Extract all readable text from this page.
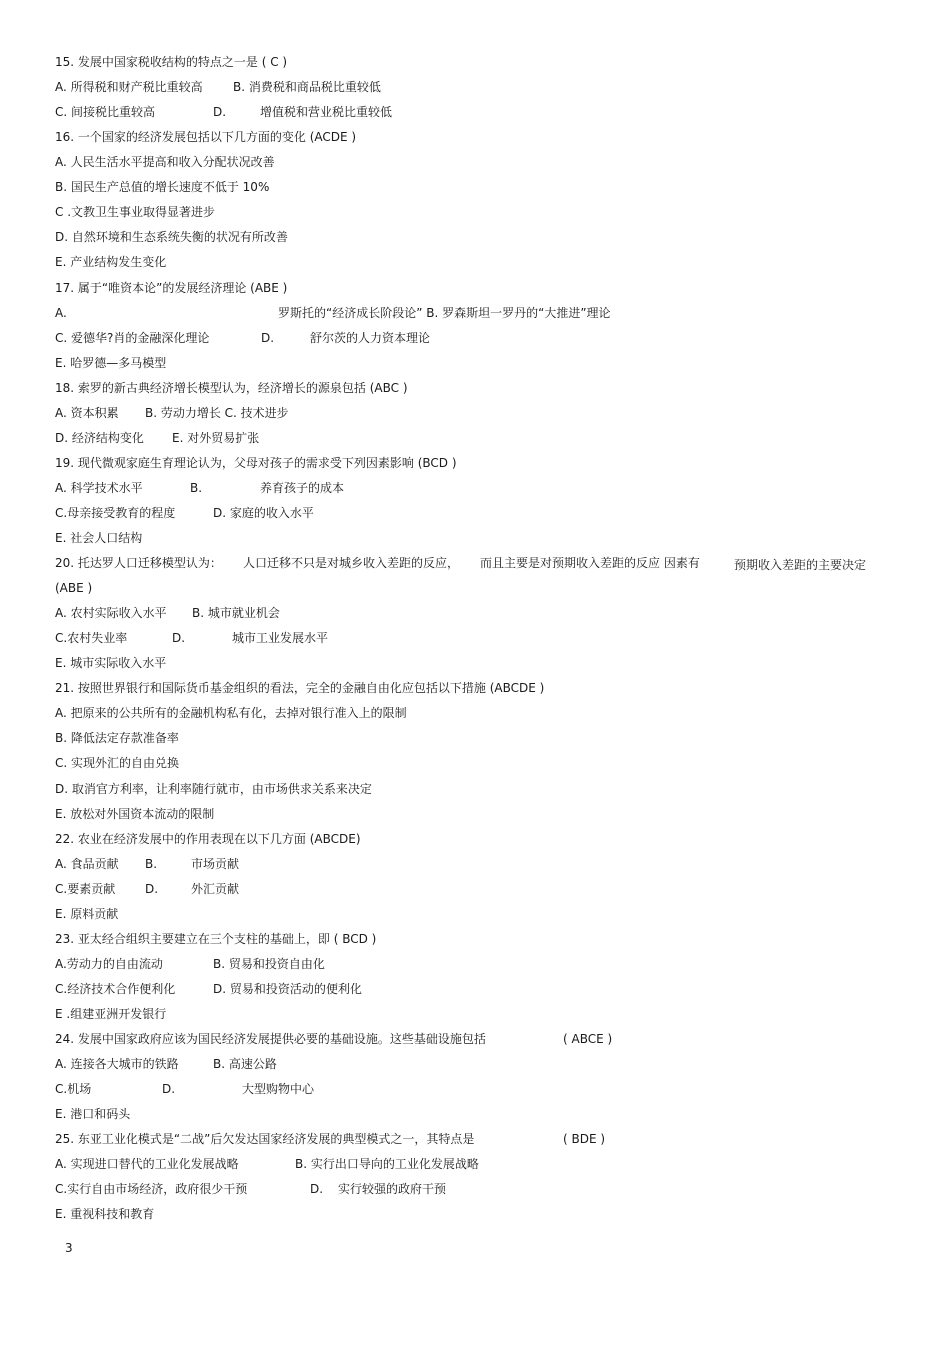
15. 发展中国家税收结构的特点之一是 ( C )
A. 所得税和财产税比重较高	B. 消费税和商品税比重较低
C. 间接税比重较高	D.	增值税和营业税比重较低
16. 一个国家的经济发展包括以下几方面的变化 (ACDE )
A. 人民生活水平提高和收入分配状况改善
B. 国民生产总值的增长速度不低于 10%
C .文教卫生事业取得显著进步
D. 自然环境和生态系统失衡的状况有所改善
E. 产业结构发生变化
17. 属于“唯资本论”的发展经济理论 (ABE )
A.	罗斯托的“经济成长阶段论” B. 罗森斯坦一罗丹的“大推进”理论
C. 爱德华?肖的金融深化理论	D.	舒尔茨的人力资本理论
E. 哈罗德—多马模型
18. 索罗的新古典经济增长模型认为，经济增长的源泉包括 (ABC )
A. 资本积累 B. 劳动力增长 C. 技术进步
D. 经济结构变化 E. 对外贸易扩张
19. 现代微观家庭生育理论认为，父母对孩子的需求受下列因素影响 (BCD )
A. 科学技术水平	B.	养育孩子的成本
C.母亲接受教育的程度	D. 家庭的收入水平
E. 社会人口结构
20. 托达罗人口迁移模型认为： 人口迁移不只是对城乡收入差距的反应， 而且主要是对预期收入差距的反应 因素有	预期收入差距的主要决定
(ABE )
A. 农村实际收入水平 B. 城市就业机会
C.农村失业率	D.	城市工业发展水平
E. 城市实际收入水平
21. 按照世界银行和国际货币基金组织的看法，完全的金融自由化应包括以下措施 (ABCDE )
A. 把原来的公共所有的金融机构私有化，去掉对银行准入上的限制
B. 降低法定存款准备率
C. 实现外汇的自由兑换
D. 取消官方利率，让利率随行就市，由市场供求关系来决定
E. 放松对外国资本流动的限制
22. 农业在经济发展中的作用表现在以下几方面 (ABCDE)
A. 食品贡献 B.	市场贡献
C.要素贡献 D.	外汇贡献
E. 原料贡献
23. 亚太经合组织主要建立在三个支柱的基础上，即 ( BCD )
A.劳动力的自由流动	B. 贸易和投资自由化
C.经济技术合作便利化	D. 贸易和投资活动的便利化
E .组建亚洲开发银行
24. 发展中国家政府应该为国民经济发展提供必要的基础设施。这些基础设施包括	( ABCE )
A. 连接各大城市的铁路	B. 高速公路
C.机场	D.	大型购物中心
E. 港口和码头
25. 东亚工业化模式是“二战”后欠发达国家经济发展的典型模式之一，其特点是	( BDE )
A. 实现进口替代的工业化发展战略	B. 实行出口导向的工业化发展战略
C.实行自由市场经济，政府很少干预	D. 实行较强的政府干预
E. 重视科技和教育
3
